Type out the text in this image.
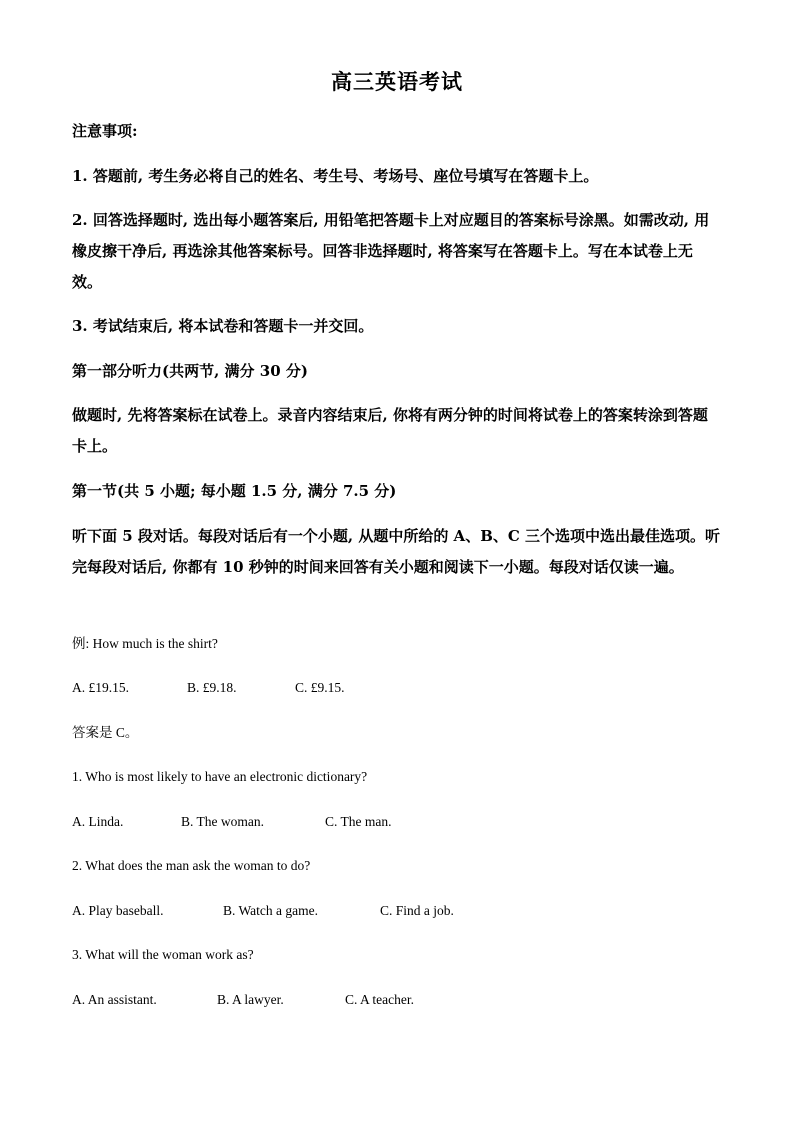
高三英语考试
注意事项:
1. 答题前, 考生务必将自己的姓名、考生号、考场号、座位号填写在答题卡上。
2. 回答选择题时, 选出每小题答案后, 用铅笔把答题卡上对应题目的答案标号涂黑。如需改动, 用橡皮擦干净后, 再选涂其他答案标号。回答非选择题时, 将答案写在答题卡上。写在本试卷上无效。
3. 考试结束后, 将本试卷和答题卡一并交回。
第一部分听力(共两节, 满分 30 分)
做题时, 先将答案标在试卷上。录音内容结束后, 你将有两分钟的时间将试卷上的答案转涂到答题卡上。
第一节(共 5 小题; 每小题 1.5 分, 满分 7.5 分)
听下面 5 段对话。每段对话后有一个小题, 从题中所给的 A、B、C 三个选项中选出最佳选项。听完每段对话后, 你都有 10 秒钟的时间来回答有关小题和阅读下一小题。每段对话仅读一遍。
例: How much is the shirt?
A. £19.15.	B. £9.18.	C. £9.15.
答案是 C。
1. Who is most likely to have an electronic dictionary?
A. Linda.	B. The woman.	C. The man.
2. What does the man ask the woman to do?
A. Play baseball.	B. Watch a game.	C. Find a job.
3. What will the woman work as?
A. An assistant.	B. A lawyer.	C. A teacher.
